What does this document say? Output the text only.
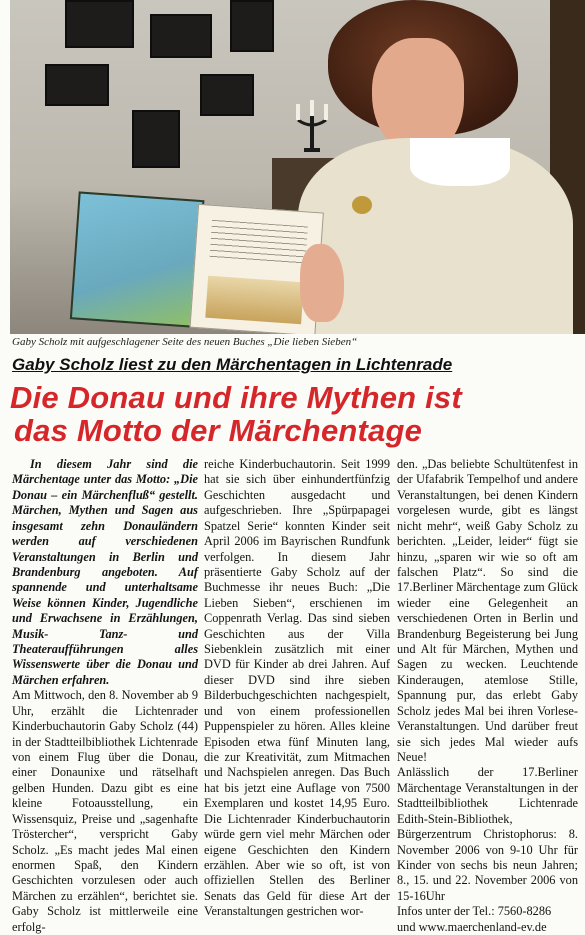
Gaby Scholz mit aufgeschlagener Seite des neuen Buches „Die lieben Sieben“
Gaby Scholz liest zu den Märchentagen in Lichtenrade
Die Donau und ihre Mythen ist
das Motto der Märchentage

In diesem Jahr sind die Märchentage unter das Motto: „Die Donau – ein Märchenfluß“ gestellt. Märchen, Mythen und Sagen aus insgesamt zehn Donauländern werden auf verschiedenen Veranstaltungen in Berlin und Brandenburg angeboten. Auf spannende und unterhaltsame Weise können Kinder, Jugendliche und Erwachsene in Erzählungen, Musik- Tanz- und Theateraufführungen alles Wissenswerte über die Donau und Märchen erfahren.

Am Mittwoch, den 8. November ab 9 Uhr, erzählt die Lichtenrader Kinderbuchautorin Gaby Scholz (44) in der Stadtteilbibliothek Lichtenrade von einem Flug über die Donau, einer Donaunixe und rätselhaft gelben Hunden. Dazu gibt es eine kleine Fotoausstellung, ein Wissensquiz, Preise und „sagenhafte Tröstercher“, verspricht Gaby Scholz. „Es macht jedes Mal einen enormen Spaß, den Kindern Geschichten vorzulesen oder auch Märchen zu erzählen“, berichtet sie. Gaby Scholz ist mittlerweile eine erfolg-

reiche Kinderbuchautorin. Seit 1999 hat sie sich über einhundertfünfzig Geschichten ausgedacht und aufgeschrieben. Ihre „Spürpapagei Spatzel Serie“ konnten Kinder seit April 2006 im Bayrischen Rundfunk verfolgen. In diesem Jahr präsentierte Gaby Scholz auf der Buchmesse ihr neues Buch: „Die Lieben Sieben“, erschienen im Coppenrath Verlag. Das sind sieben Geschichten aus der Villa Siebenklein zusätzlich mit einer DVD für Kinder ab drei Jahren. Auf dieser DVD sind ihre sieben Bilderbuchgeschichten nachgespielt, und von einem professionellen Puppenspieler zu hören. Alles kleine Episoden etwa fünf Minuten lang, die zur Kreativität, zum Mitmachen und Nachspielen anregen. Das Buch hat bis jetzt eine Auflage von 7500 Exemplaren und kostet 14,95 Euro. Die Lichtenrader Kinderbuchautorin würde gern viel mehr Märchen oder eigene Geschichten den Kindern erzählen. Aber wie so oft, ist von offiziellen Stellen des Berliner Senats das Geld für diese Art der Veranstaltungen gestrichen wor-

den. „Das beliebte Schultütenfest in der Ufafabrik Tempelhof und andere Veranstaltungen, bei denen Kindern vorgelesen wurde, gibt es längst nicht mehr“, weiß Gaby Scholz zu berichten. „Leider, leider“ fügt sie hinzu, „sparen wir wie so oft am falschen Platz“. So sind die 17.Berliner Märchentage zum Glück wieder eine Gelegenheit an verschiedenen Orten in Berlin und Brandenburg Begeisterung bei Jung und Alt für Märchen, Mythen und Sagen zu wecken. Leuchtende Kinderaugen, atemlose Stille, Spannung pur, das erlebt Gaby Scholz jedes Mal bei ihren Vorlese-Veranstaltungen. Und darüber freut sie sich jedes Mal wieder aufs Neue!

Anlässlich der 17.Berliner Märchentage Veranstaltungen in der Stadtteilbibliothek Lichtenrade Edith-Stein-Bibliothek, Bürgerzentrum Christophorus: 8. November 2006 von 9-10 Uhr für Kinder von sechs bis neun Jahren; 8., 15. und 22. November 2006 von 15-16Uhr

Infos unter der Tel.: 7560-8286

und www.maerchenland-ev.de
